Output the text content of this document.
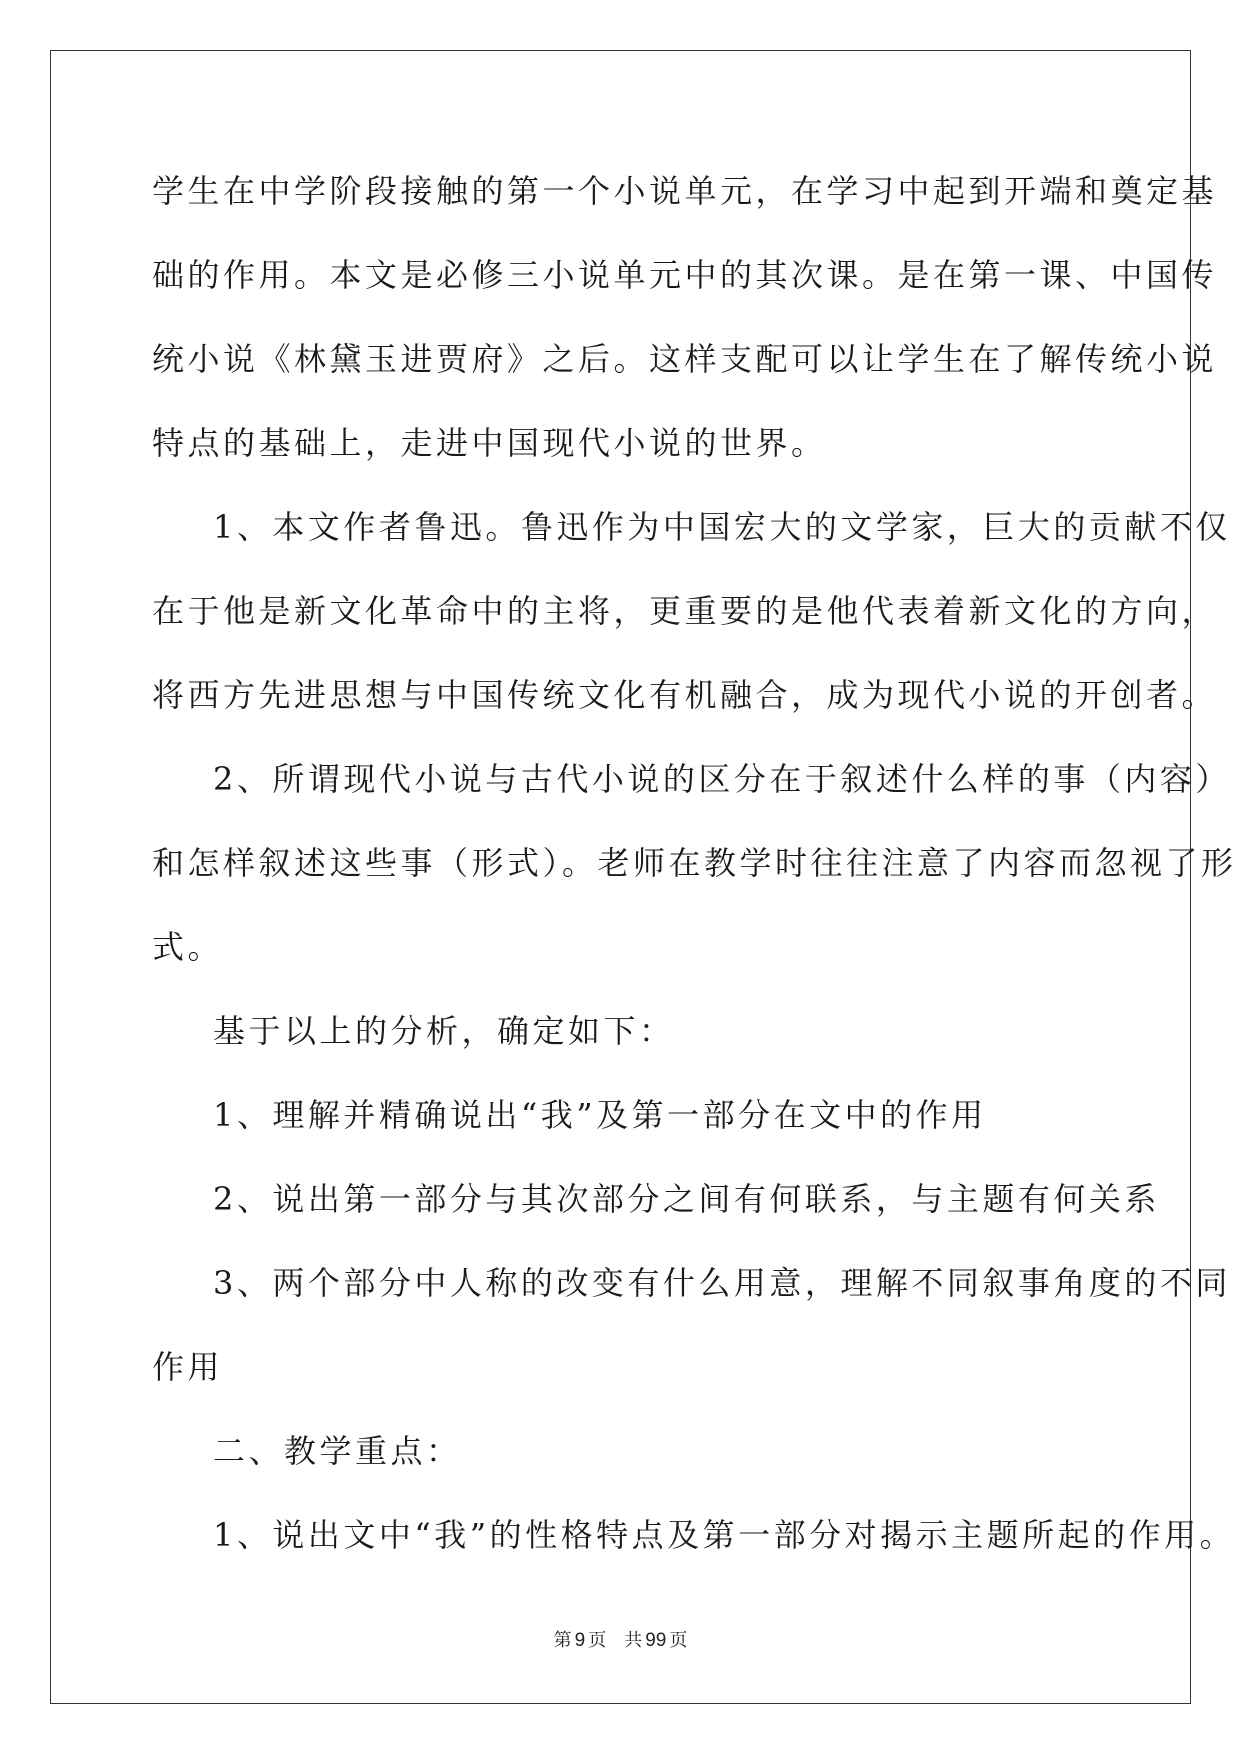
学生在中学阶段接触的第一个小说单元，在学习中起到开端和奠定基
础的作用。本文是必修三小说单元中的其次课。是在第一课、中国传
统小说《林黛玉进贾府》之后。这样支配可以让学生在了解传统小说
特点的基础上，走进中国现代小说的世界。
1、本文作者鲁迅。鲁迅作为中国宏大的文学家，巨大的贡献不仅
在于他是新文化革命中的主将，更重要的是他代表着新文化的方向，
将西方先进思想与中国传统文化有机融合，成为现代小说的开创者。
2、所谓现代小说与古代小说的区分在于叙述什么样的事（内容）
和怎样叙述这些事（形式）。老师在教学时往往注意了内容而忽视了形
式。
基于以上的分析，确定如下：
1、理解并精确说出“我”及第一部分在文中的作用
2、说出第一部分与其次部分之间有何联系，与主题有何关系
3、两个部分中人称的改变有什么用意，理解不同叙事角度的不同
作用
二、教学重点：
1、说出文中“我”的性格特点及第一部分对揭示主题所起的作用。
第 9 页 共 99 页
